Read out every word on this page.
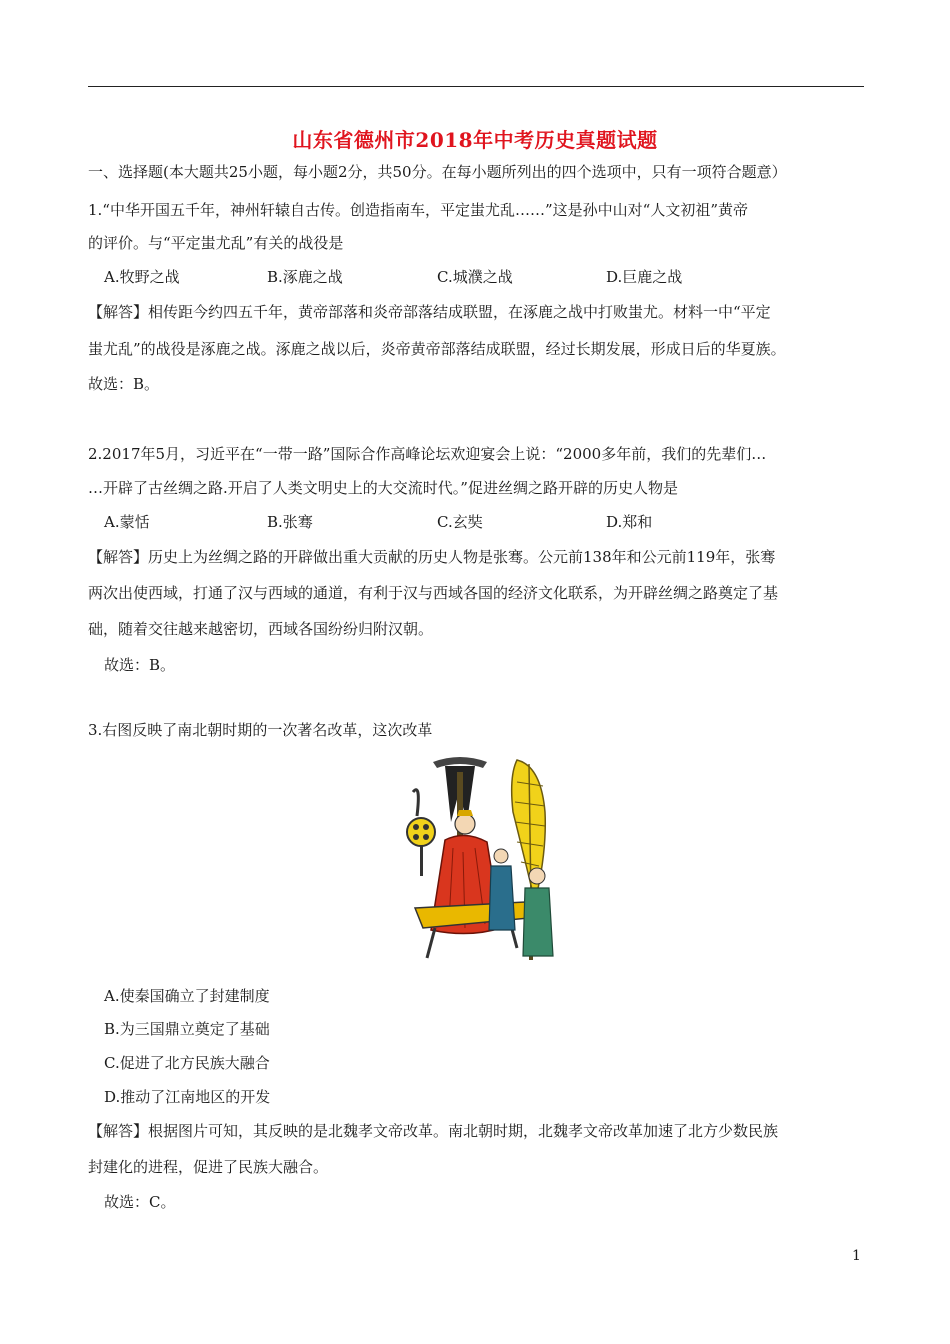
山东省德州市2018年中考历史真题试题
一、选择题(本大题共25小题，每小题2分，共50分。在每小题所列出的四个选项中，只有一项符合题意）
1.“中华开国五千年，神州轩辕自古传。创造指南车，平定蚩尤乱……”这是孙中山对“人文初祖”黄帝
的评价。与“平定蚩尤乱”有关的战役是
A.牧野之战	B.涿鹿之战	C.城濮之战	D.巨鹿之战
【解答】相传距今约四五千年，黄帝部落和炎帝部落结成联盟，在涿鹿之战中打败蚩尤。材料一中“平定
蚩尤乱”的战役是涿鹿之战。涿鹿之战以后，炎帝黄帝部落结成联盟，经过长期发展，形成日后的华夏族。
故选：B。
2.2017年5月，习近平在“一带一路”国际合作高峰论坛欢迎宴会上说：“2000多年前，我们的先辈们…
…开辟了古丝绸之路.开启了人类文明史上的大交流时代。”促进丝绸之路开辟的历史人物是
A.蒙恬	B.张骞	C.玄奘	D.郑和
【解答】历史上为丝绸之路的开辟做出重大贡献的历史人物是张骞。公元前138年和公元前119年，张骞
两次出使西域，打通了汉与西域的通道，有利于汉与西域各国的经济文化联系，为开辟丝绸之路奠定了基
础，随着交往越来越密切，西域各国纷纷归附汉朝。
故选：B。
3.右图反映了南北朝时期的一次著名改革，这次改革
A.使秦国确立了封建制度
B.为三国鼎立奠定了基础
C.促进了北方民族大融合
D.推动了江南地区的开发
【解答】根据图片可知，其反映的是北魏孝文帝改革。南北朝时期，北魏孝文帝改革加速了北方少数民族
封建化的进程，促进了民族大融合。
故选：C。
1
